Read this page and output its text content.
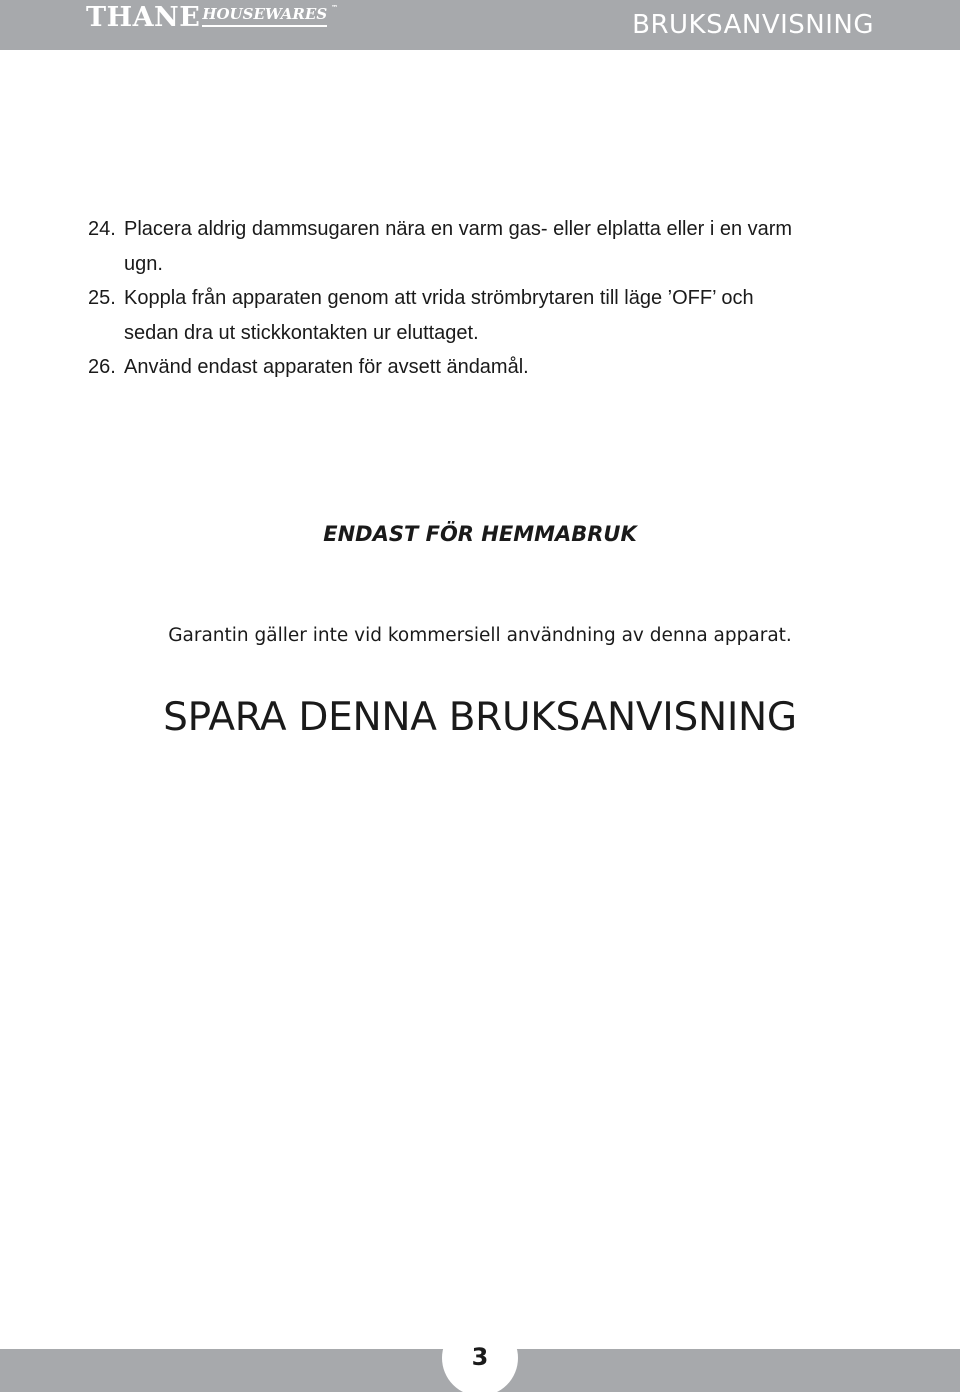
THANE HOUSEWARES ™
BRUKSANVISNING
24. Placera aldrig dammsugaren nära en varm gas- eller elplatta eller i en varm
ugn.
25. Koppla från apparaten genom att vrida strömbrytaren till läge ’OFF’ och
sedan dra ut stickkontakten ur eluttaget.
26. Använd endast apparaten för avsett ändamål.
ENDAST FÖR HEMMABRUK
Garantin gäller inte vid kommersiell användning av denna apparat.
SPARA DENNA BRUKSANVISNING
3
